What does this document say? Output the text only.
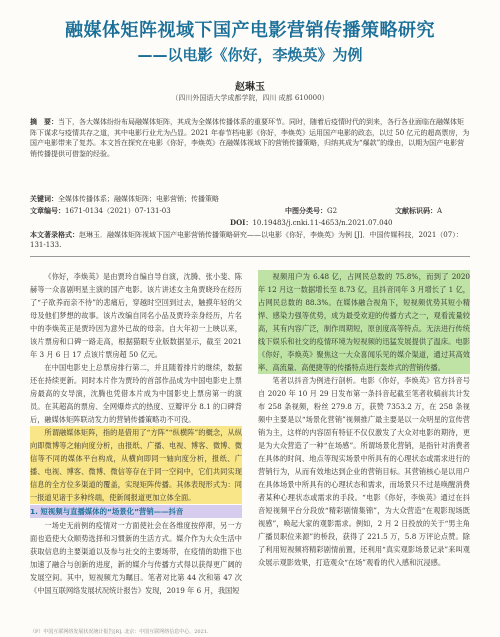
融媒体矩阵视域下国产电影营销传播策略研究
——以电影《你好，李焕英》为例
赵琳玉
（四川外国语大学成都学院，四川 成都 610000）
摘　要：当下，各大媒体纷纷布局融媒体矩阵，其成为全媒体传播体系的重要环节。同时，随着后疫情时代的到来，各行各业面临在融媒体矩阵下谋求与疫情共存之道，其中电影行业尤为凸显。2021 年春节档电影《你好，李焕英》运用国产电影的政态，以过 50 亿元的超高票房，为国产电影带来了复苏。本文旨在探究在电影《你好，李焕英》在融媒体视域下的营销传播策略，归纳其成为“爆款”的缘由，以期为国产电影营销传播提供可借鉴的经验。
关键词：全媒体传播体系；融媒体矩阵；电影营销；传播策略
文章编号：1671-0134（2021）07-131-03	中图分类号：G2	文献标识码：A
DOI：10.19483/j.cnki.11-4653/n.2021.07.040
本文著录格式：赵琳玉．融媒体矩阵视域下国产电影营销传播策略研究——以电影《你好，李焕英》为例 [J]．中国传媒科技，2021（07）：131-133.

《你好，李焕英》是由贾玲自编自导自演，沈腾、张小斐、陈赫等一众喜剧明星主演的国产电影。该片讲述女主角贾晓玲在经历了“子欲养而亲不待”的悲痛后，穿越时空回到过去，触摸年轻的父母及他们梦想的故事。该片改编自同名小品及贾玲亲身经历，片名中的李焕英正是贾玲因为意外已故的母亲。自大年初一上映以来，该片票房和口碑一路走高，根据猫眼专业版数据显示，截至 2021 年 3 月 6 日 17 点该片票房超 50 亿元。

在中国电影史上总票房排行第二，并且随着排片的继续，数据还在持续更新。同时本片作为贾玲的首部作品成为中国电影史上票房最高的女导演，沈腾也凭借本片成为中国影史上票房第一的演员。在其超高的票房、全网爆炸式的热度、豆瓣评分 8.1 的口碑背后，融媒体矩阵联动发力的营销传播策略功不可没。

所谓融媒体矩阵，指的是借用了“方阵”“纵横阵”的概念，从纵向即微博等之轴向度分析，由报纸、广播、电视、博客、微博、微信等不同的媒体平台构成，从横向即同一轴向度分析，报纸、广播、电视、博客、微博、微信等存在于同一空间中，它们共同实现信息的全方位多渠道的覆盖，实现矩阵传播。其体表现形式为：同一报道见诸于多种终端，使新闻报道更加立体全面。

1. 短视频与直播媒体的“场景化”营销——抖音

一场史无前例的疫情对一方面使社会在各维度按停滞，另一方面也造使大众顺势选择和习惯新的生活方式。媒介作为大众生活中获取信息的主要渠道以及参与社交的主要场带，在疫情的助推下也加速了融合与创新的进度，新的媒介与传播方式得以获得更广阔的发展空间。其中，短视频尤为瞩目。笔者对比第 44 次和第 47 次《中国互联网络发展状况统计报告》发现，2019 年 6 月，我国短

视频用户为 6.48 亿，占网民总数的 75.8%，而到了 2020 年 12 月这一数据增长至 8.73 亿，且抖音同年 3 月增长了 1 亿，占网民总数的 88.3%。在媒体融合视角下，短视频优势其短小精悍、感染力强等优势，成为最受欢迎的传播方式之一，观看流量较高，其有内容广泛，制作周期短，原创度高等特点。无法进行传统线下娱乐和社交的疫情环境为短视频的迅猛发展提供了温床。电影《你好，李焕英》聚焦这一大众喜闻乐见的媒介渠道，通过其高效率、高流量、高便捷等的传播特点进行轰炸式的营销传播。

笔者以抖音为例进行剖析。电影《你好，李焕英》官方抖音号自 2020 年 10 月 29 日发布第一条抖音起截至笔者收稿前共计发布 258 条视频，粉丝 279.8 万，获赞 7353.2 万，在 258 条视频中主要是以“场景化营销”视频推广最主要是以一众明星的宣传营销为主，这样的内容固有特征不仅仅激发了大众对电影的期待，更是为大众营造了一种“在场感”。所谓场景化营销，是指针对消费者在具体的时间、地点等现实场景中所具有的心理状态或需求进行的营销行为，从而有效地达到企业的营销目标。其营销核心是以用户在具体场景中所具有的心理状态和需求，而场景只不过是唤醒消费者某种心理状态或需求的手段。“电影《你好，李焕英》通过在抖音短视频平台分段放“精彩剧情集锦”，为大众营造“在观影现场既视感”，唤起大家的观影需求。例如，2 月 2 日投放的关于“男主角广播员职位来源”的桥段，获得了 221.5 万，5.8 万评论点赞。除了利用短视频将精彩剧情前置，还利用“真实观影场景记录”来叫观众展示观影效果，打造观众“在场”观看的代入感和沉浸感。

（P）中国互联网络发展状况统计报告[R]. 北京：中国互联网络信息中心，2021.
